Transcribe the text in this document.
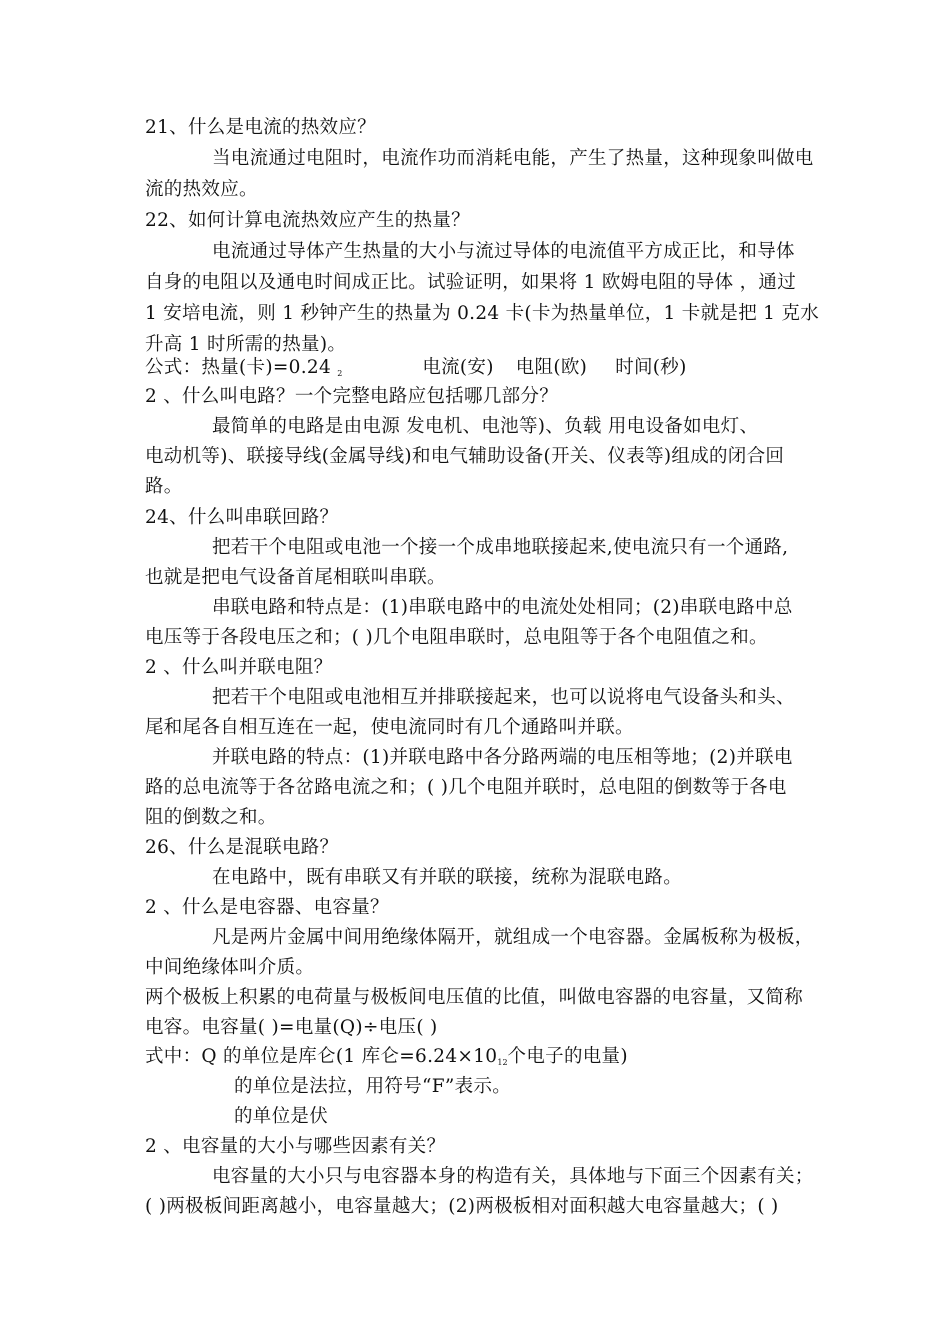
21、什么是电流的热效应？
当电流通过电阻时，电流作功而消耗电能，产生了热量，这种现象叫做电
流的热效应。
22、如何计算电流热效应产生的热量？
电流通过导体产生热量的大小与流过导体的电流值平方成正比，和导体
自身的电阻以及通电时间成正比。试验证明，如果将 1 欧姆电阻的导体 ，通过
1 安培电流，则 1 秒钟产生的热量为 0.24 卡(卡为热量单位，1 卡就是把 1 克水
升高 1 时所需的热量)。
公式：热量(卡)=0.24 2	电流(安) 电阻(欧) 时间(秒)
2 、什么叫电路？一个完整电路应包括哪几部分？
最简单的电路是由电源 发电机、电池等)、负载 用电设备如电灯、
电动机等)、联接导线(金属导线)和电气辅助设备(开关、仪表等)组成的闭合回
路。
24、什么叫串联回路？
把若干个电阻或电池一个接一个成串地联接起来,使电流只有一个通路,
也就是把电气设备首尾相联叫串联。
串联电路和特点是：(1)串联电路中的电流处处相同；(2)串联电路中总
电压等于各段电压之和；( )几个电阻串联时，总电阻等于各个电阻值之和。
2 、什么叫并联电阻？
把若干个电阻或电池相互并排联接起来，也可以说将电气设备头和头、
尾和尾各自相互连在一起，使电流同时有几个通路叫并联。
并联电路的特点：(1)并联电路中各分路两端的电压相等地；(2)并联电
路的总电流等于各岔路电流之和；( )几个电阻并联时，总电阻的倒数等于各电
阻的倒数之和。
26、什么是混联电路？
在电路中，既有串联又有并联的联接，统称为混联电路。
2 、什么是电容器、电容量？
凡是两片金属中间用绝缘体隔开，就组成一个电容器。金属板称为极板，
中间绝缘体叫介质。
两个极板上积累的电荷量与极板间电压值的比值，叫做电容器的电容量，又简称
电容。电容量( )=电量(Q)÷电压( )
式中：Q 的单位是库仑(1 库仑=6.24×1012个电子的电量)
的单位是法拉，用符号“F”表示。
的单位是伏
2 、电容量的大小与哪些因素有关？
电容量的大小只与电容器本身的构造有关，具体地与下面三个因素有关；
( )两极板间距离越小，电容量越大；(2)两极板相对面积越大电容量越大；( )
